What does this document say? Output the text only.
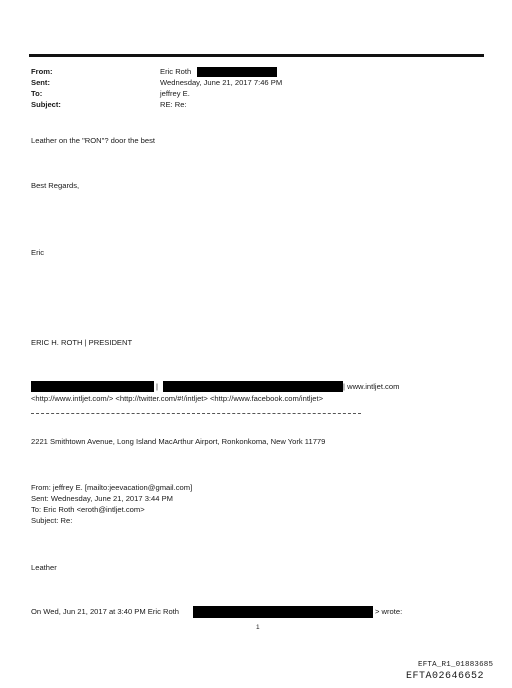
From:
Sent:
To:
Subject:
Eric Roth
Wednesday, June 21, 2017 7:46 PM
jeffrey E.
RE: Re:
Leather on the "RON"? door the best
Best Regards,
Eric
ERIC H. ROTH | PRESIDENT
|	| www.intljet.com
<http://www.intljet.com/> <http://twitter.com/#!/intljet> <http://www.facebook.com/intljet>
2221 Smithtown Avenue, Long Island MacArthur Airport, Ronkonkoma, New York 11779
From: jeffrey E. [mailto:jeevacation@gmail.com]
Sent: Wednesday, June 21, 2017 3:44 PM
To: Eric Roth <eroth@intljet.com>
Subject: Re:
Leather
On Wed, Jun 21, 2017 at 3:40 PM Eric Roth	> wrote:
1
EFTA_R1_01883685
EFTA02646652
